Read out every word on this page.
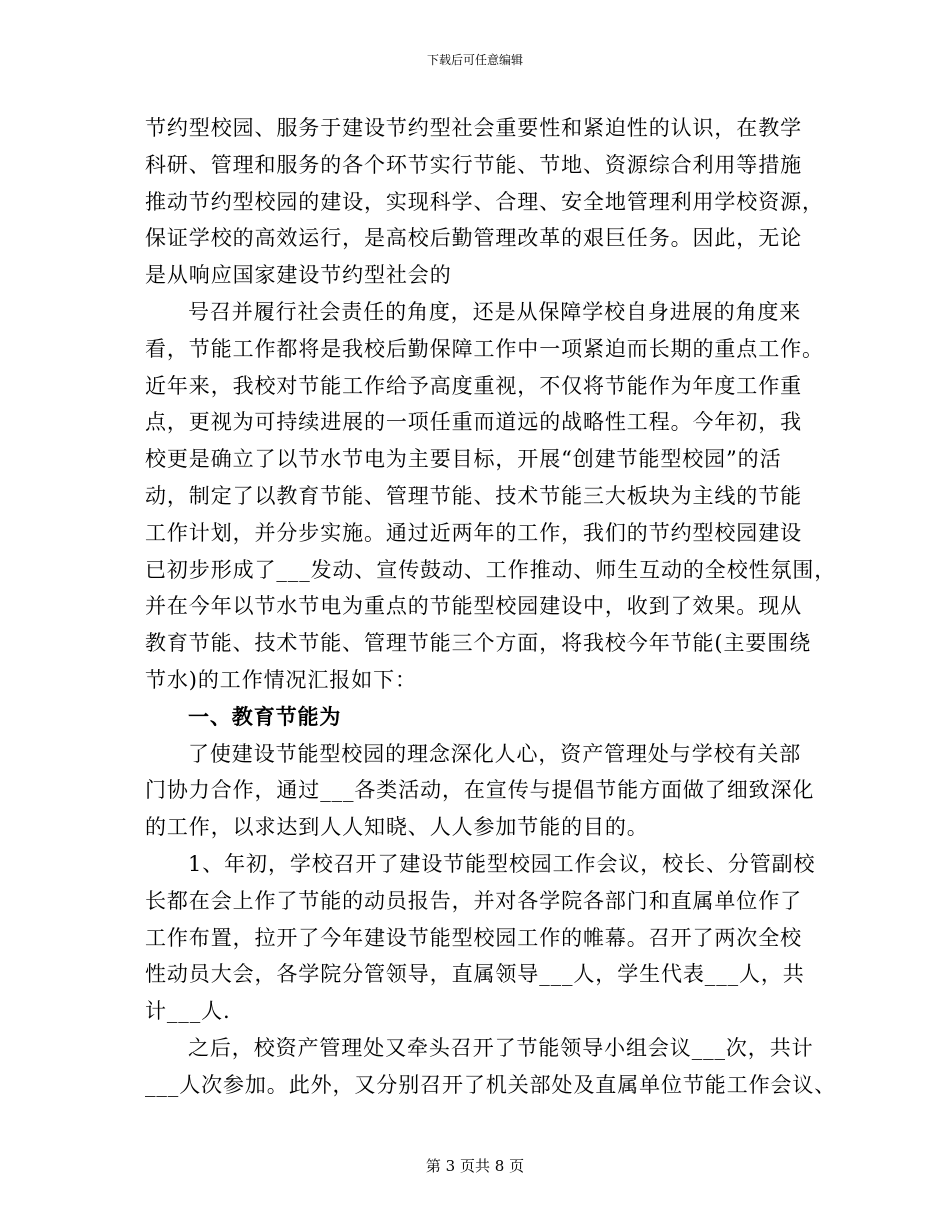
下载后可任意编辑
节约型校园、服务于建设节约型社会重要性和紧迫性的认识，在教学
科研、管理和服务的各个环节实行节能、节地、资源综合利用等措施
推动节约型校园的建设，实现科学、合理、安全地管理利用学校资源，
保证学校的高效运行，是高校后勤管理改革的艰巨任务。因此，无论
是从响应国家建设节约型社会的
号召并履行社会责任的角度，还是从保障学校自身进展的角度来
看，节能工作都将是我校后勤保障工作中一项紧迫而长期的重点工作。
近年来，我校对节能工作给予高度重视，不仅将节能作为年度工作重
点，更视为可持续进展的一项任重而道远的战略性工程。今年初，我
校更是确立了以节水节电为主要目标，开展“创建节能型校园”的活
动，制定了以教育节能、管理节能、技术节能三大板块为主线的节能
工作计划，并分步实施。通过近两年的工作，我们的节约型校园建设
已初步形成了___发动、宣传鼓动、工作推动、师生互动的全校性氛围，
并在今年以节水节电为重点的节能型校园建设中，收到了效果。现从
教育节能、技术节能、管理节能三个方面，将我校今年节能(主要围绕
节水)的工作情况汇报如下：
一、教育节能为
了使建设节能型校园的理念深化人心，资产管理处与学校有关部
门协力合作，通过___各类活动，在宣传与提倡节能方面做了细致深化
的工作，以求达到人人知晓、人人参加节能的目的。
1、年初，学校召开了建设节能型校园工作会议，校长、分管副校
长都在会上作了节能的动员报告，并对各学院各部门和直属单位作了
工作布置，拉开了今年建设节能型校园工作的帷幕。召开了两次全校
性动员大会，各学院分管领导，直属领导___人，学生代表___人，共
计___人.
之后，校资产管理处又牵头召开了节能领导小组会议___次，共计
___人次参加。此外，又分别召开了机关部处及直属单位节能工作会议、
第 3 页共 8 页
